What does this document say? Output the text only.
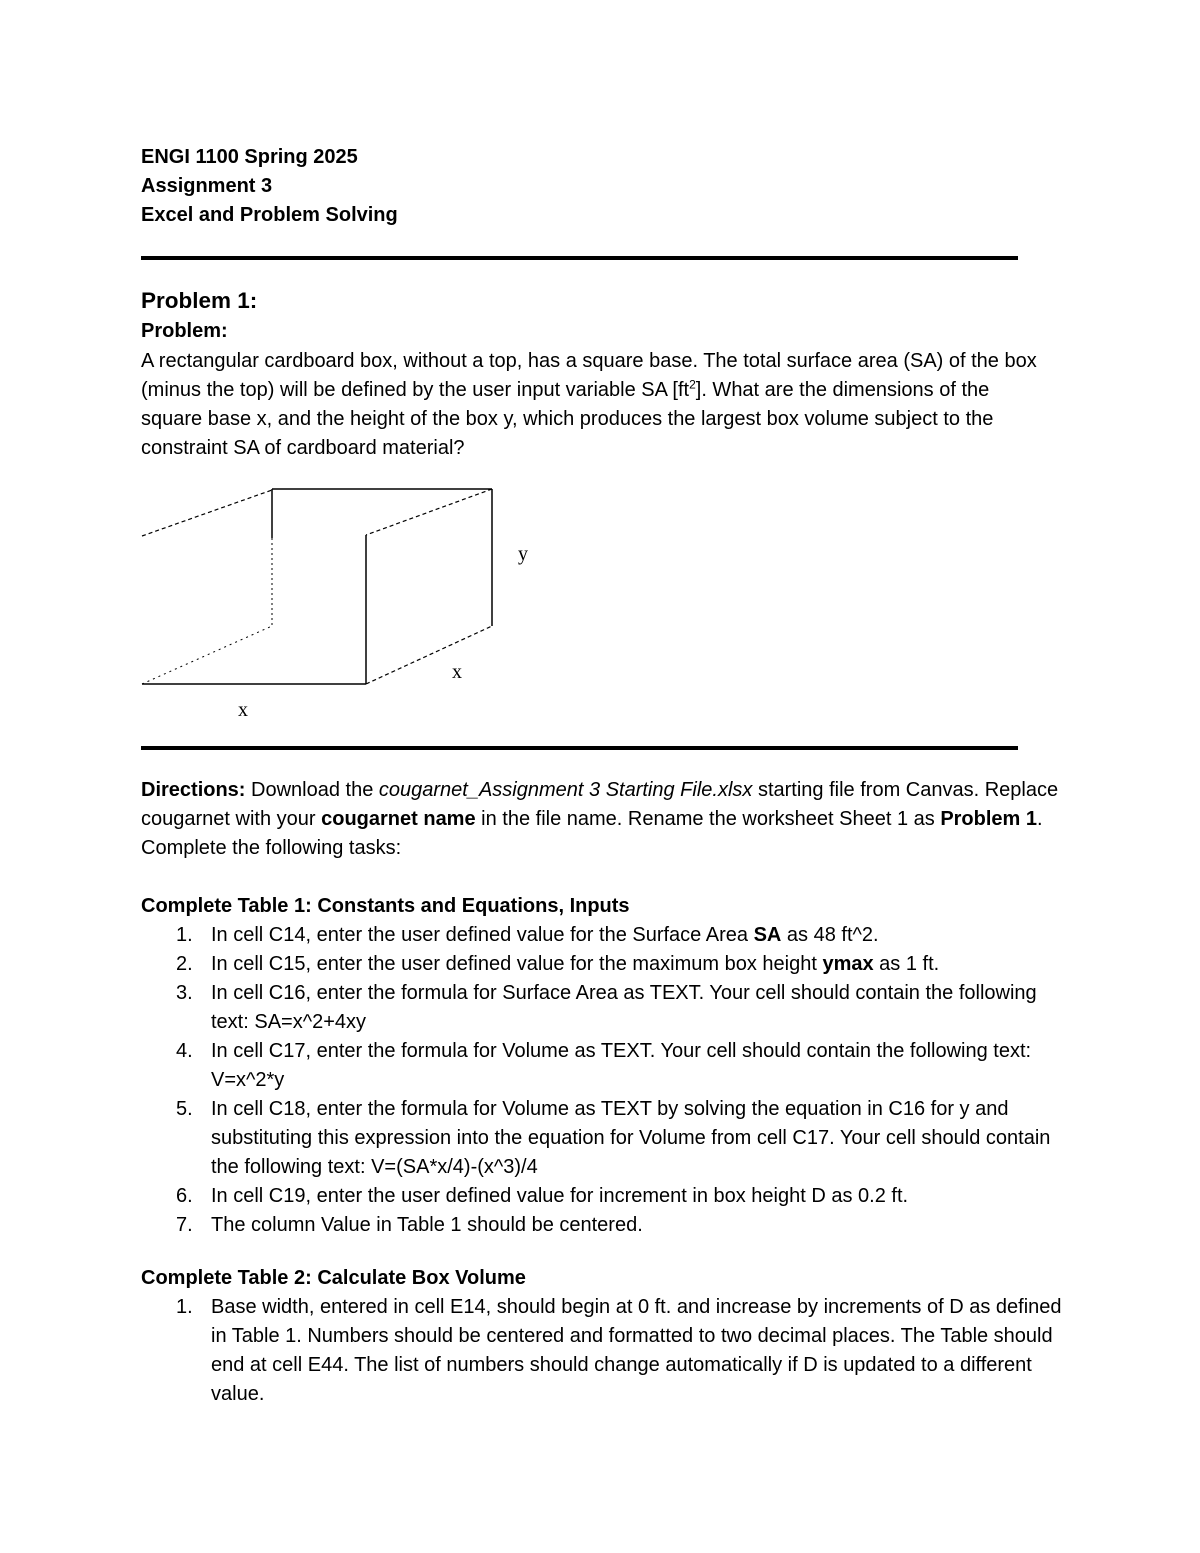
ENGI 1100 Spring 2025
Assignment 3
Excel and Problem Solving
Problem 1:
Problem:
A rectangular cardboard box, without a top, has a square base. The total surface area (SA) of the box (minus the top) will be defined by the user input variable SA $[ft^2]$. What are the dimensions of the square base x, and the height of the box y, which produces the largest box volume subject to the constraint SA of cardboard material?
y
x
x
Directions: Download the cougarnet_Assignment 3 Starting File.xlsx starting file from Canvas. Replace cougarnet with your cougarnet name in the file name. Rename the worksheet Sheet 1 as Problem 1. Complete the following tasks:
Complete Table 1: Constants and Equations, Inputs
1. In cell C14, enter the user defined value for the Surface Area SA as 48 ft^2.
2. In cell C15, enter the user defined value for the maximum box height ymax as 1 ft.
3. In cell C16, enter the formula for Surface Area as TEXT. Your cell should contain the following text: SA=x^2+4xy
4. In cell C17, enter the formula for Volume as TEXT. Your cell should contain the following text: V=x^2*y
5. In cell C18, enter the formula for Volume as TEXT by solving the equation in C16 for y and substituting this expression into the equation for Volume from cell C17. Your cell should contain the following text: V=(SA*x/4)-(x^3)/4
6. In cell C19, enter the user defined value for increment in box height D as 0.2 ft.
7. The column Value in Table 1 should be centered.
Complete Table 2: Calculate Box Volume
1. Base width, entered in cell E14, should begin at 0 ft. and increase by increments of D as defined in Table 1. Numbers should be centered and formatted to two decimal places. The Table should end at cell E44. The list of numbers should change automatically if D is updated to a different value.
